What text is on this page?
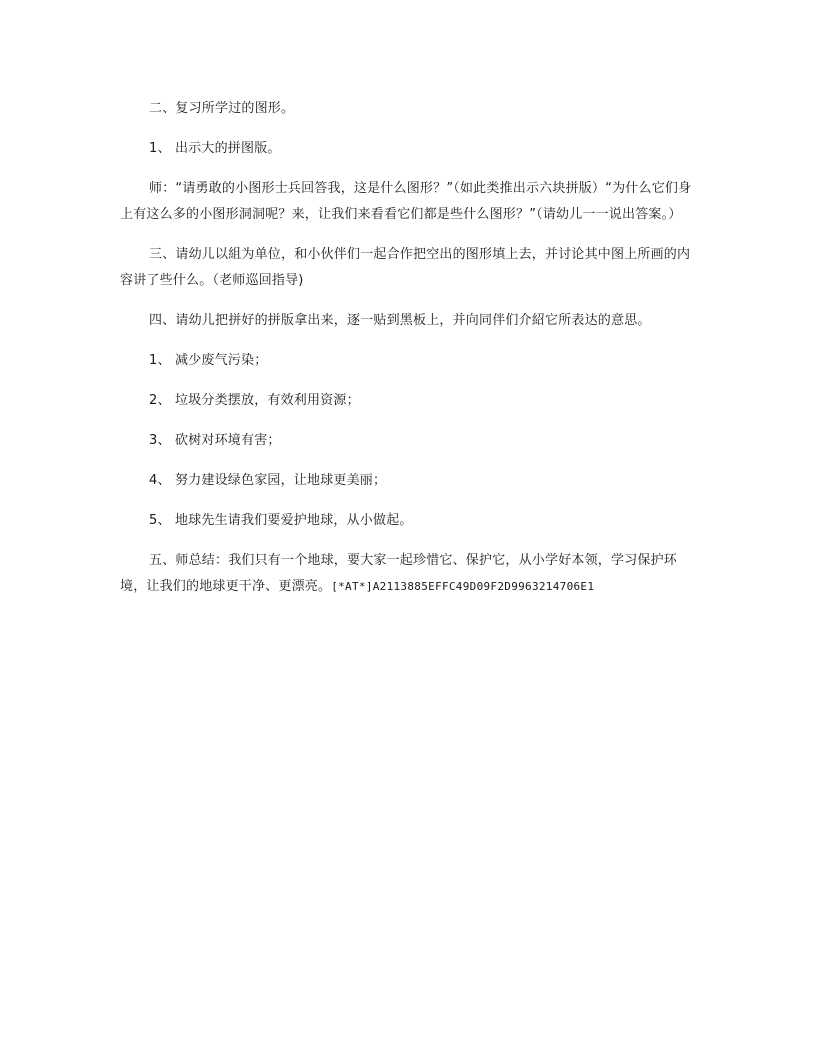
二、复习所学过的图形。

1、 出示大的拼图版。

师：“请勇敢的小图形士兵回答我，这是什么图形？”（如此类推出示六块拼版）“为什么它们身上有这么多的小图形洞洞呢？来，让我们来看看它们都是些什么图形？”（请幼儿一一说出答案。）

三、请幼儿以組为单位，和小伙伴们一起合作把空出的图形填上去，并讨论其中图上所画的内容讲了些什么。（老师巡回指导)

四、请幼儿把拼好的拼版拿出来，逐一贴到黑板上，并向同伴们介紹它所表达的意思。

1、 减少废气污染；

2、 垃圾分类摆放，有效利用资源；

3、 砍树对环境有害；

4、 努力建设绿色家园，让地球更美丽；

5、 地球先生请我们要爱护地球，从小做起。

五、师总结：我们只有一个地球，要大家一起珍惜它、保护它，从小学好本领，学习保护环境，让我们的地球更干净、更漂亮。[*AT*]A2113885EFFC49D09F2D9963214706E1
